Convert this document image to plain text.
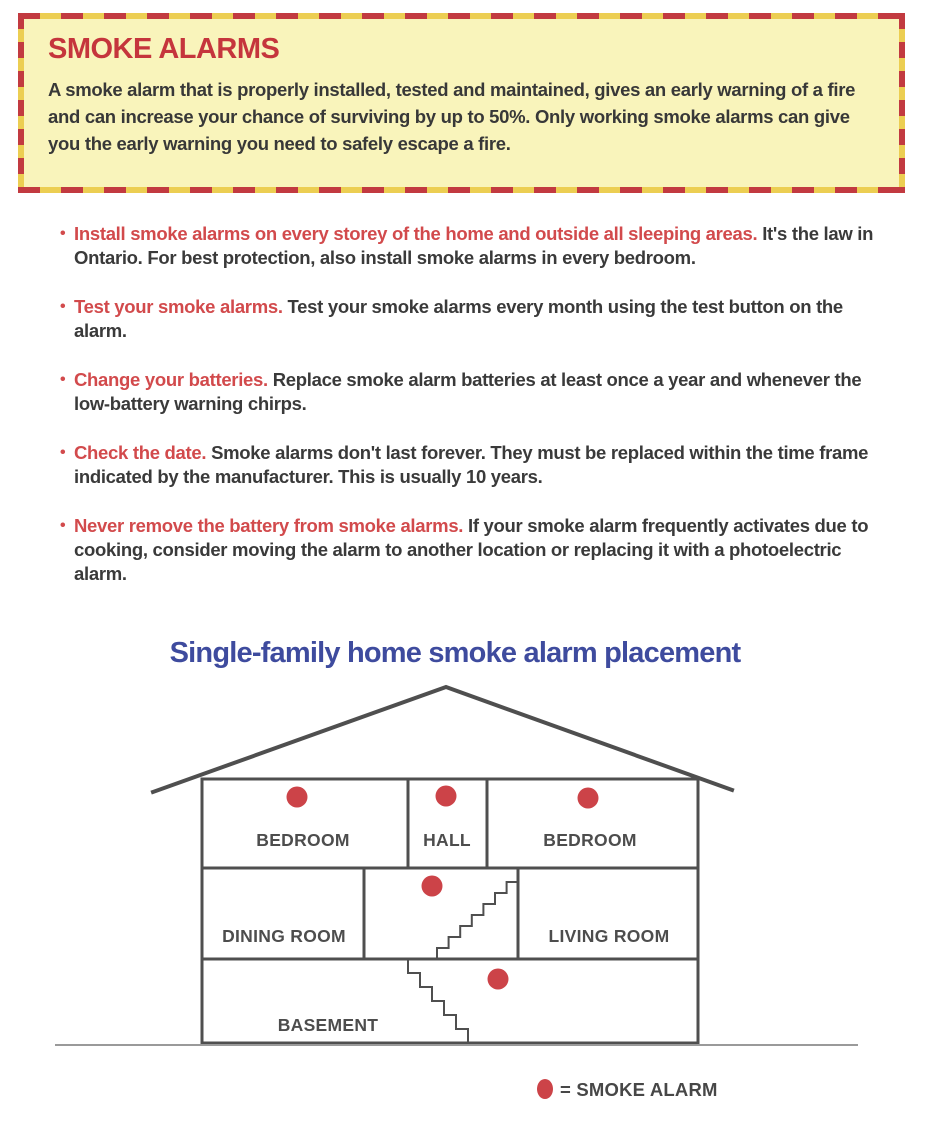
SMOKE ALARMS

A smoke alarm that is properly installed, tested and maintained, gives an early warning of a fire and can increase your chance of surviving by up to 50%. Only working smoke alarms can give you the early warning you need to safely escape a fire.

• Install smoke alarms on every storey of the home and outside all sleeping areas. It's the law in Ontario. For best protection, also install smoke alarms in every bedroom.
• Test your smoke alarms. Test your smoke alarms every month using the test button on the alarm.
• Change your batteries. Replace smoke alarm batteries at least once a year and whenever the low-battery warning chirps.
• Check the date. Smoke alarms don't last forever. They must be replaced within the time frame indicated by the manufacturer. This is usually 10 years.
• Never remove the battery from smoke alarms. If your smoke alarm frequently activates due to cooking, consider moving the alarm to another location or replacing it with a photoelectric alarm.
Single-family home smoke alarm placement
BEDROOM	HALL	BEDROOM
DINING ROOM	LIVING ROOM
BASEMENT
= SMOKE ALARM
